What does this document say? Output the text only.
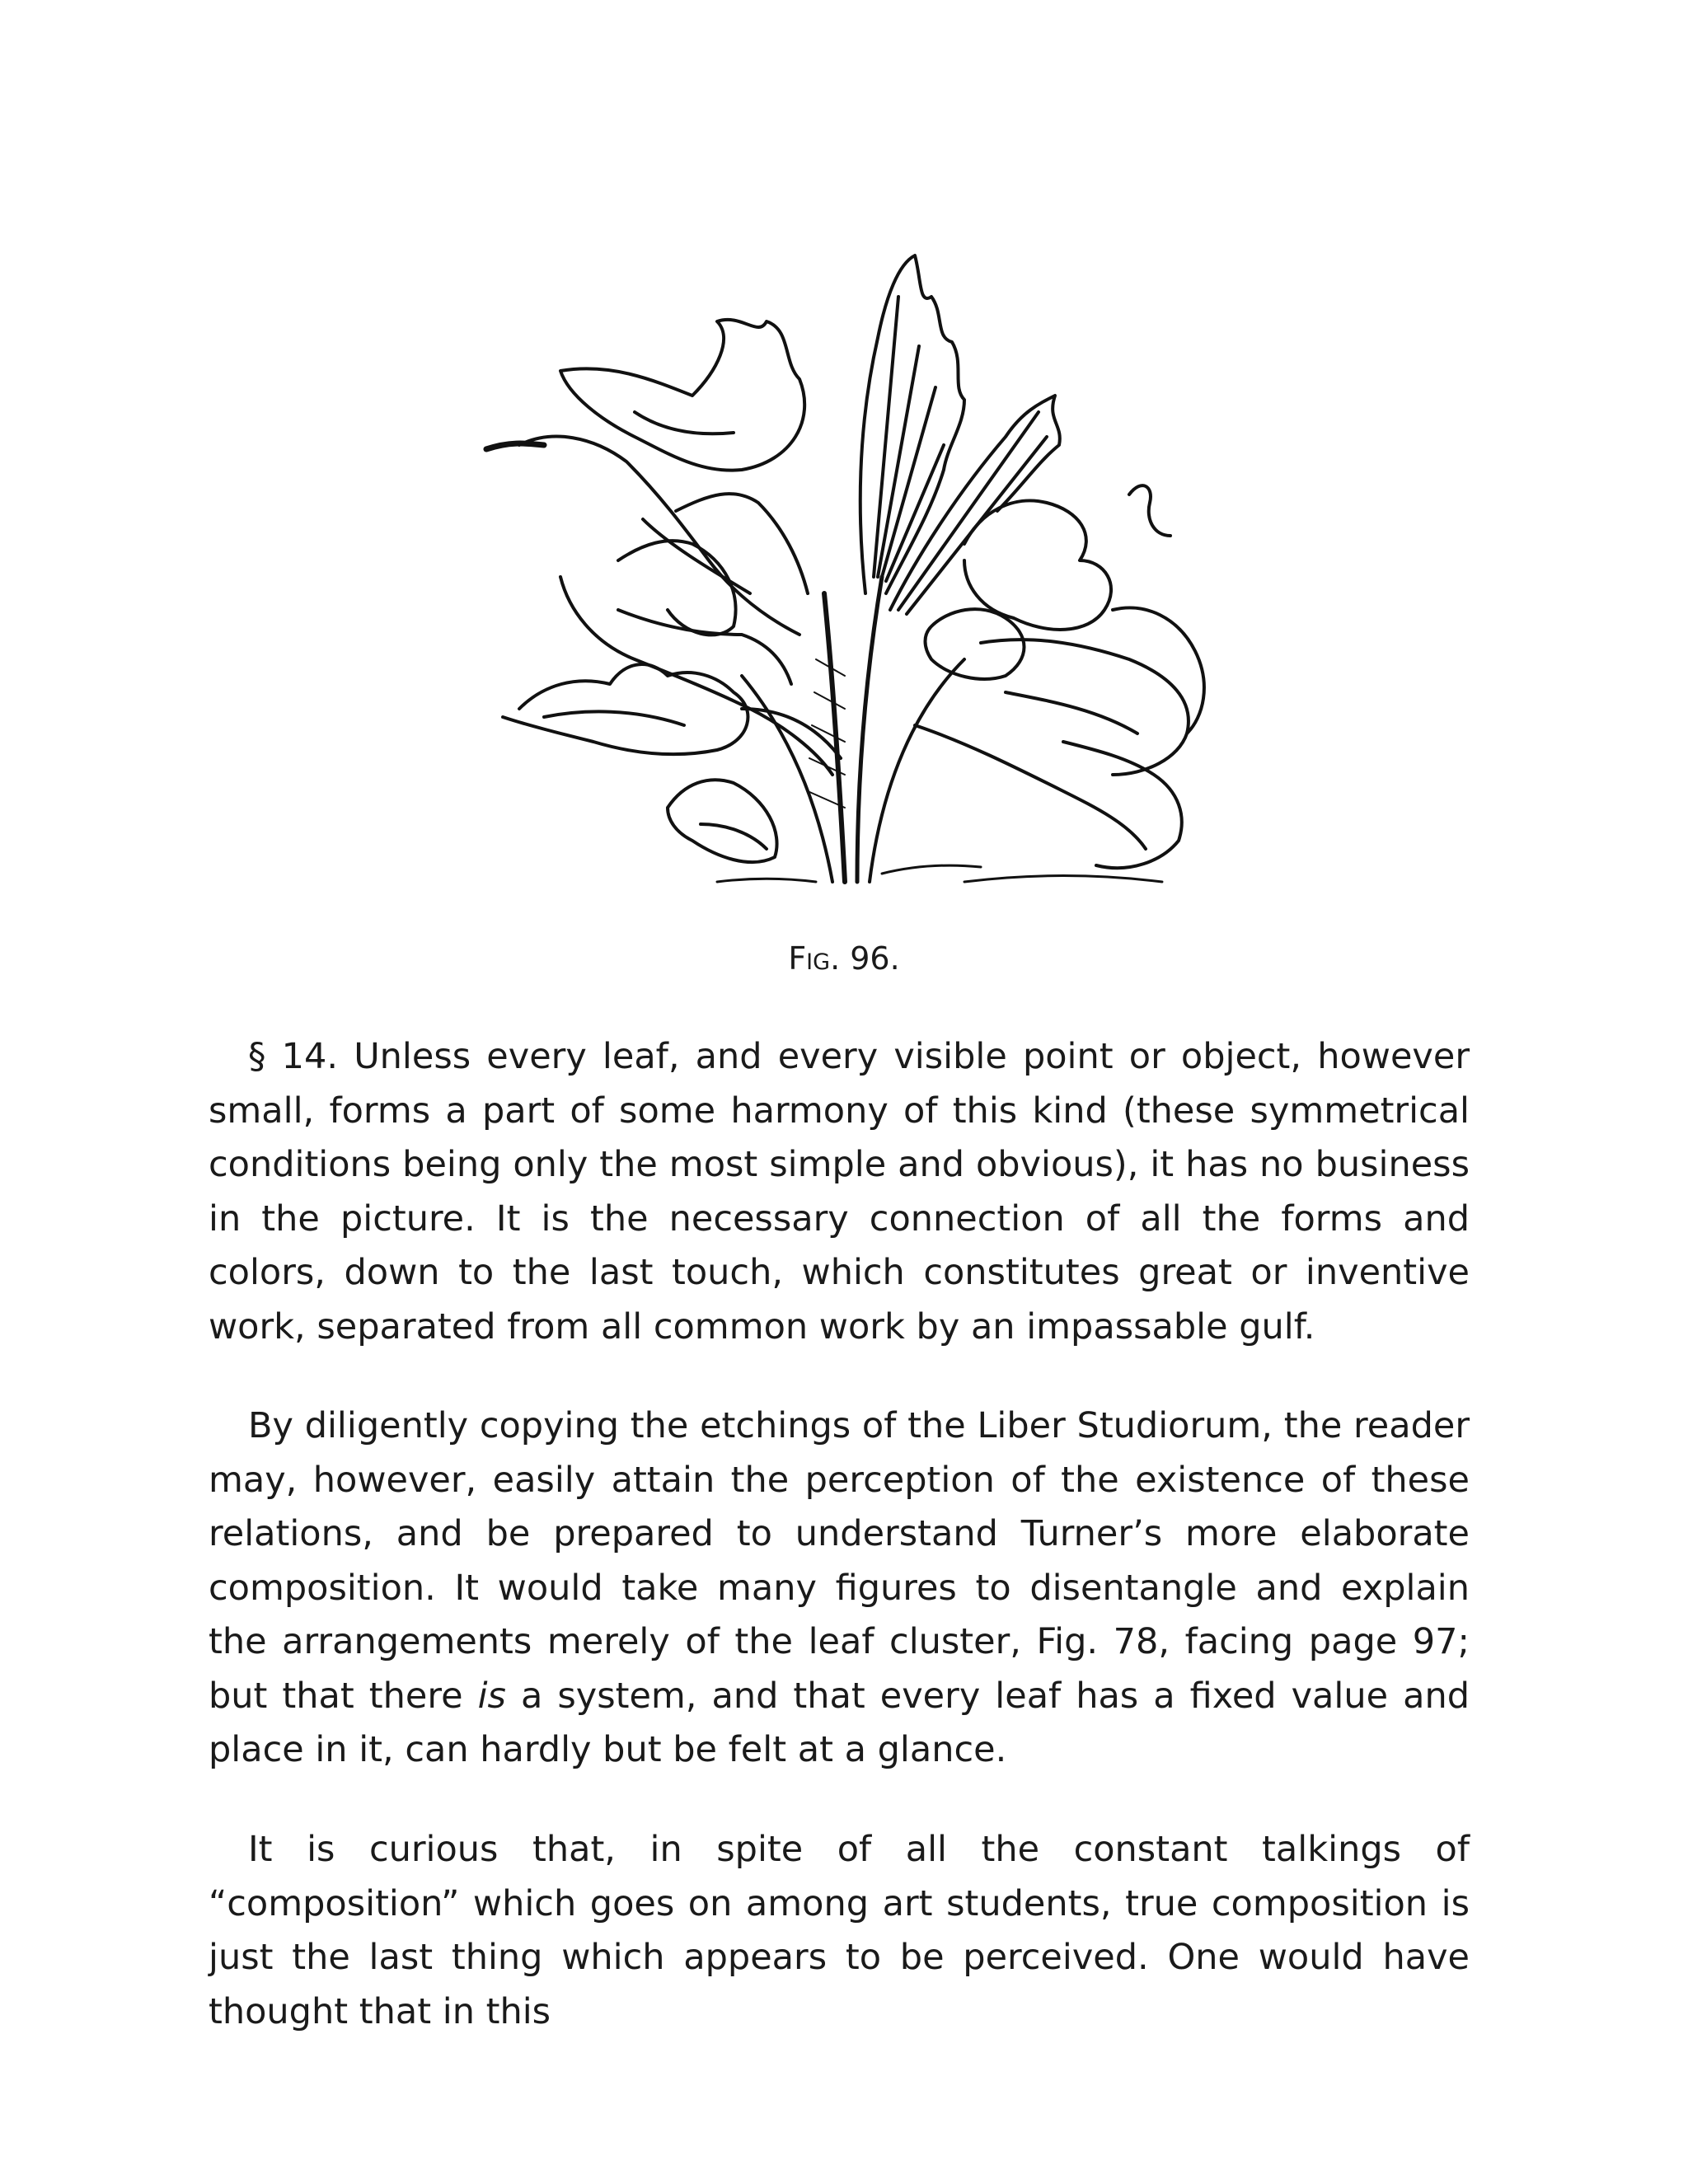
Fig. 96.

§ 14. Unless every leaf, and every visible point or object, however small, forms a part of some harmony of this kind (these symmetrical conditions being only the most simple and obvious), it has no business in the picture. It is the necessary connection of all the forms and colors, down to the last touch, which constitutes great or inventive work, separated from all common work by an impassable gulf.

By diligently copying the etchings of the Liber Studiorum, the reader may, however, easily attain the perception of the existence of these relations, and be prepared to understand Turner’s more elaborate composition. It would take many figures to disentangle and explain the arrangements merely of the leaf cluster, Fig. 78, facing page 97; but that there is a system, and that every leaf has a fixed value and place in it, can hardly but be felt at a glance.

It is curious that, in spite of all the constant talkings of “composition” which goes on among art students, true composition is just the last thing which appears to be perceived. One would have thought that in this
